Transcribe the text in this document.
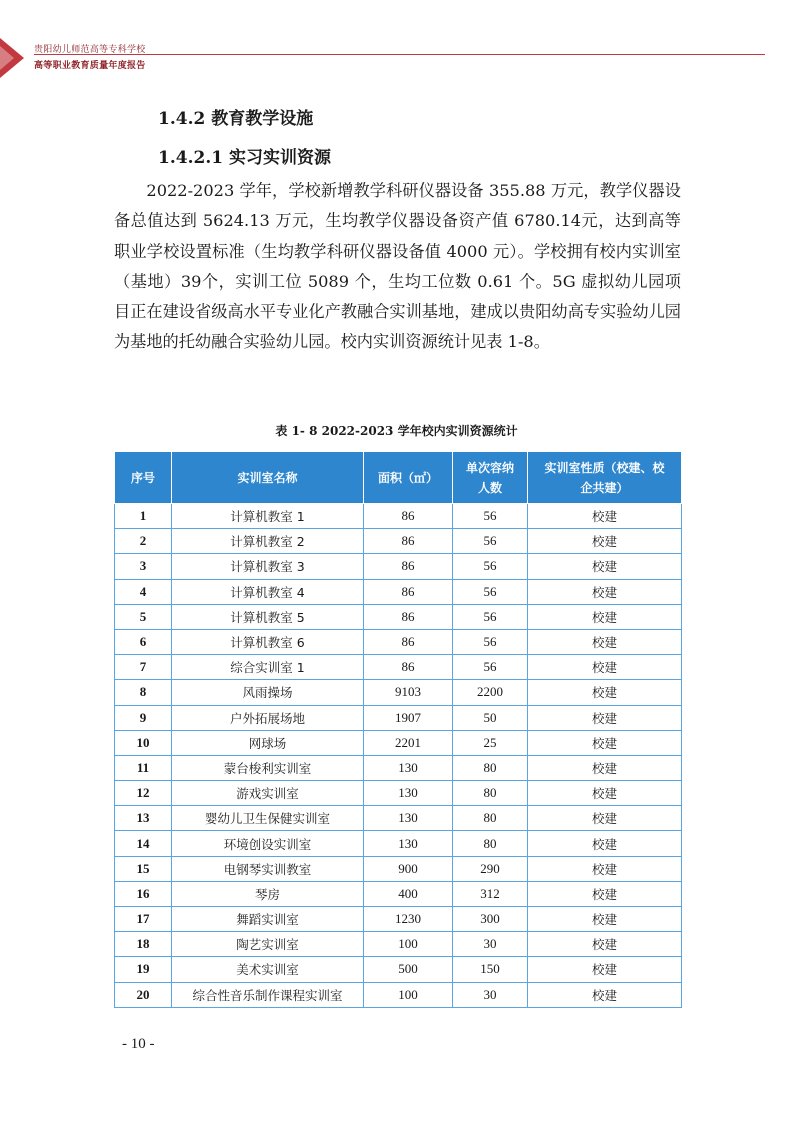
贵阳幼儿师范高等专科学校
高等职业教育质量年度报告
1.4.2 教育教学设施
1.4.2.1 实习实训资源

2022-2023 学年，学校新增教学科研仪器设备 355.88 万元，教学仪器设备总值达到 5624.13 万元，生均教学仪器设备资产值 6780.14元，达到高等职业学校设置标准（生均教学科研仪器设备值 4000 元）。学校拥有校内实训室（基地）39个，实训工位 5089 个，生均工位数 0.61 个。5G 虚拟幼儿园项目正在建设省级高水平专业化产教融合实训基地，建成以贵阳幼高专实验幼儿园为基地的托幼融合实验幼儿园。校内实训资源统计见表 1-8。

表 1- 8 2022-2023 学年校内实训资源统计
序号	实训室名称	面积（㎡）	单次容纳人数	实训室性质（校建、校企共建）

1	计算机教室 1	86	56	校建
2	计算机教室 2	86	56	校建
3	计算机教室 3	86	56	校建
4	计算机教室 4	86	56	校建
5	计算机教室 5	86	56	校建
6	计算机教室 6	86	56	校建
7	综合实训室 1	86	56	校建
8	风雨操场	9103	2200	校建
9	户外拓展场地	1907	50	校建
10	网球场	2201	25	校建
11	蒙台梭利实训室	130	80	校建
12	游戏实训室	130	80	校建
13	婴幼儿卫生保健实训室	130	80	校建
14	环境创设实训室	130	80	校建
15	电钢琴实训教室	900	290	校建
16	琴房	400	312	校建
17	舞蹈实训室	1230	300	校建
18	陶艺实训室	100	30	校建
19	美术实训室	500	150	校建
20	综合性音乐制作课程实训室	100	30	校建
- 10 -
